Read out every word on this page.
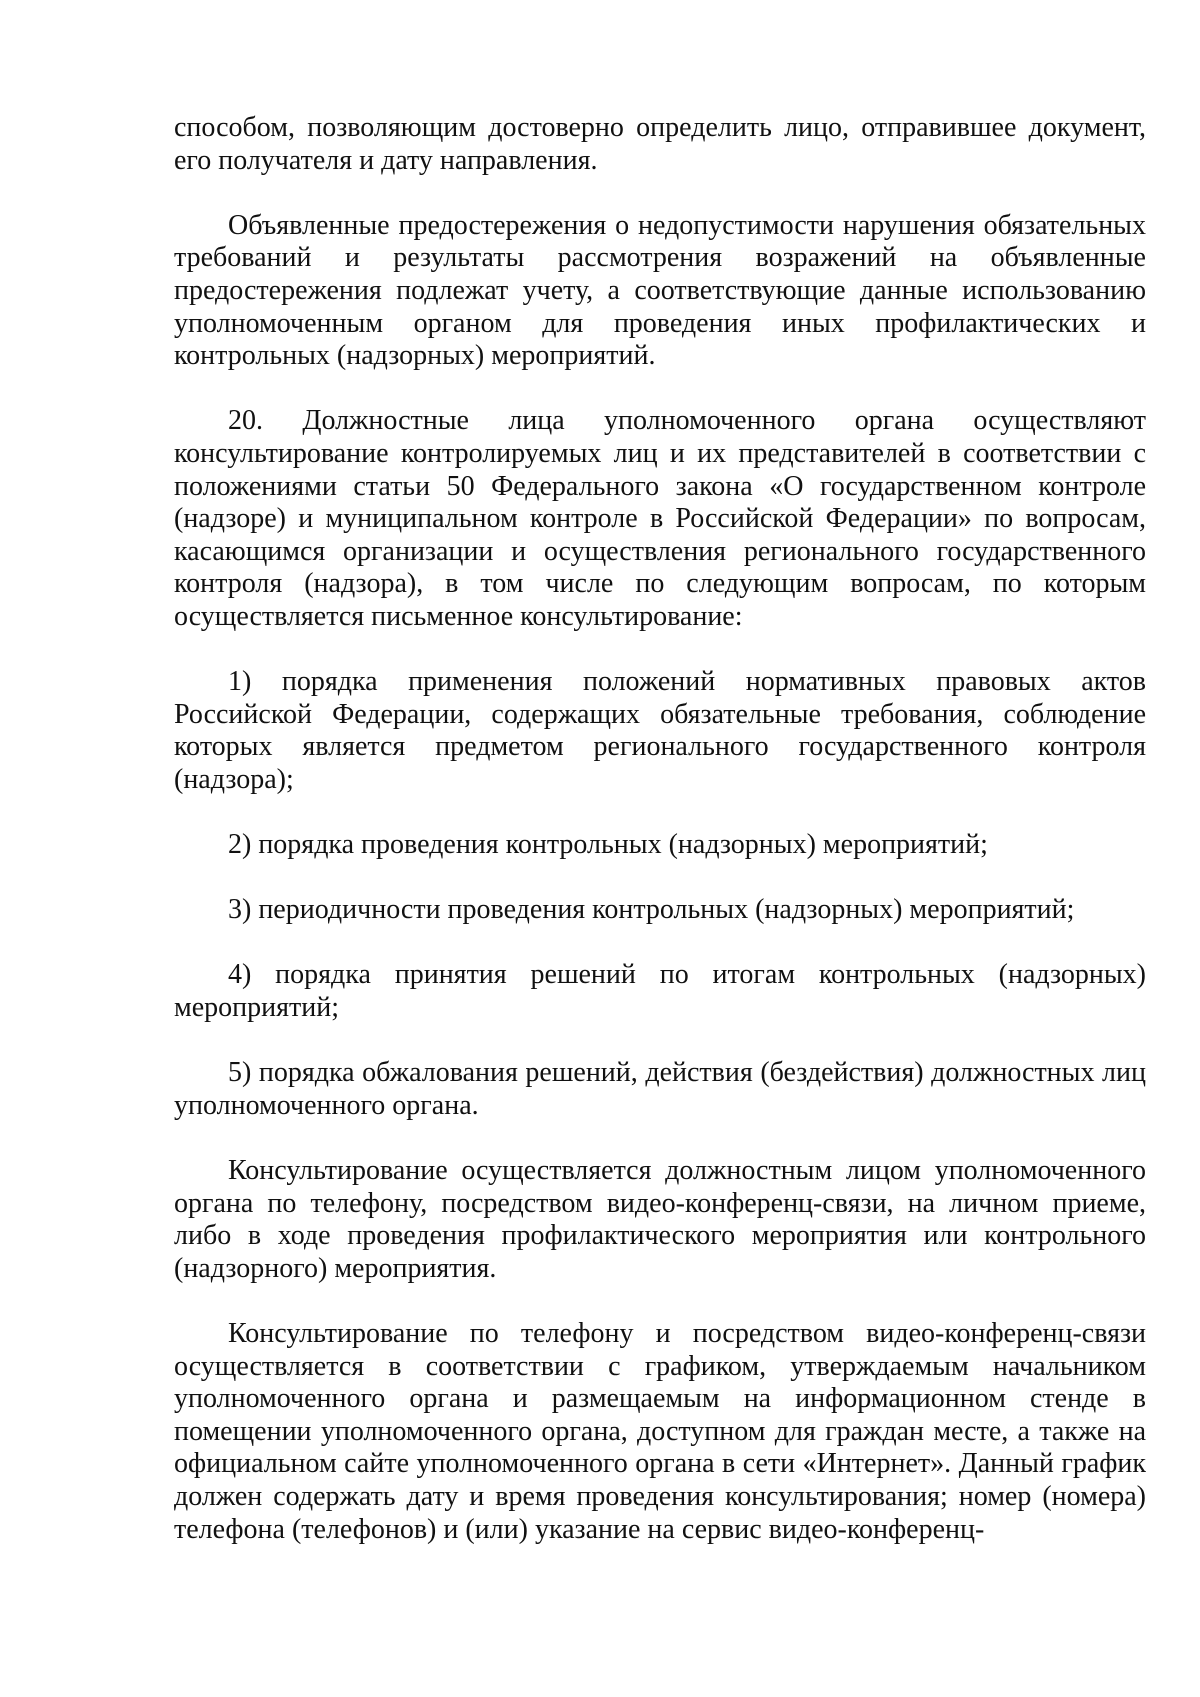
способом, позволяющим достоверно определить лицо, отправившее документ, его получателя и дату направления.

Объявленные предостережения о недопустимости нарушения обязательных требований и результаты рассмотрения возражений на объявленные предостережения подлежат учету, а соответствующие данные использованию уполномоченным органом для проведения иных профилактических и контрольных (надзорных) мероприятий.

20. Должностные лица уполномоченного органа осуществляют консультирование контролируемых лиц и их представителей в соответствии с положениями статьи 50 Федерального закона «О государственном контроле (надзоре) и муниципальном контроле в Российской Федерации» по вопросам, касающимся организации и осуществления регионального государственного контроля (надзора), в том числе по следующим вопросам, по которым осуществляется письменное консультирование:

1) порядка применения положений нормативных правовых актов Российской Федерации, содержащих обязательные требования, соблюдение которых является предметом регионального государственного контроля (надзора);

2) порядка проведения контрольных (надзорных) мероприятий;

3) периодичности проведения контрольных (надзорных) мероприятий;

4) порядка принятия решений по итогам контрольных (надзорных) мероприятий;

5) порядка обжалования решений, действия (бездействия) должностных лиц уполномоченного органа.

Консультирование осуществляется должностным лицом уполномоченного органа по телефону, посредством видео-конференц-связи, на личном приеме, либо в ходе проведения профилактического мероприятия или контрольного (надзорного) мероприятия.

Консультирование по телефону и посредством видео-конференц-связи осуществляется в соответствии с графиком, утверждаемым начальником уполномоченного органа и размещаемым на информационном стенде в помещении уполномоченного органа, доступном для граждан месте, а также на официальном сайте уполномоченного органа в сети «Интернет». Данный график должен содержать дату и время проведения консультирования; номер (номера) телефона (телефонов) и (или) указание на сервис видео-конференц-
